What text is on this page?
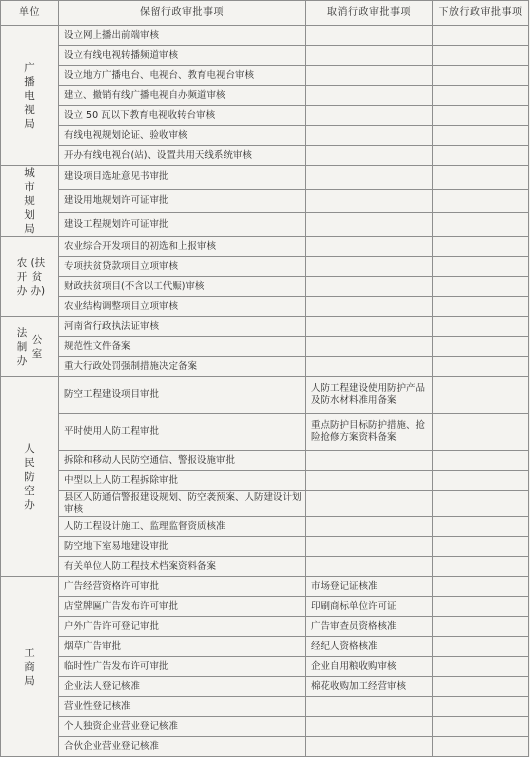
单位	保留行政审批事项	取消行政审批事项	下放行政审批事项
广播电视局	设立网上播出前端审核		
	设立有线电视转播频道审核		
	设立地方广播电台、电视台、教育电视台审核		
	建立、撤销有线广播电视自办频道审核		
	设立 50 瓦以下教育电视收转台审核		
	有线电视规划论证、验收审核		
	开办有线电视台(站)、设置共用天线系统审核		
城市规划局	建设项目选址意见书审批		
	建设用地规划许可证审批		
	建设工程规划许可证审批		
农开办(扶贫办)	农业综合开发项目的初选和上报审核		
	专项扶贫贷款项目立项审核		
	财政扶贫项目(不含以工代赈)审核		
	农业结构调整项目立项审核		
法制办公室	河南省行政执法证审核		
	规范性文件备案		
	重大行政处罚强制措施决定备案		
人民防空办	防空工程建设项目审批	人防工程建设使用防护产品及防水材料准用备案	
	平时使用人防工程审批	重点防护目标防护措施、抢险抢修方案资料备案	
	拆除和移动人民防空通信、警报设施审批		
	中型以上人防工程拆除审批		
	县区人防通信警报建设规划、防空袭预案、人防建设计划审核		
	人防工程设计施工、监理监督资质核准		
	防空地下室易地建设审批		
	有关单位人防工程技术档案资料备案		
工商局	广告经营资格许可审批	市场登记证核准	
	店堂牌匾广告发布许可审批	印刷商标单位许可证	
	户外广告许可登记审批	广告审查员资格核准	
	烟草广告审批	经纪人资格核准	
	临时性广告发布许可审批	企业自用粮收购审核	
	企业法人登记核准	棉花收购加工经营审核	
	营业性登记核准		
	个人独资企业营业登记核准		
	合伙企业营业登记核准		
